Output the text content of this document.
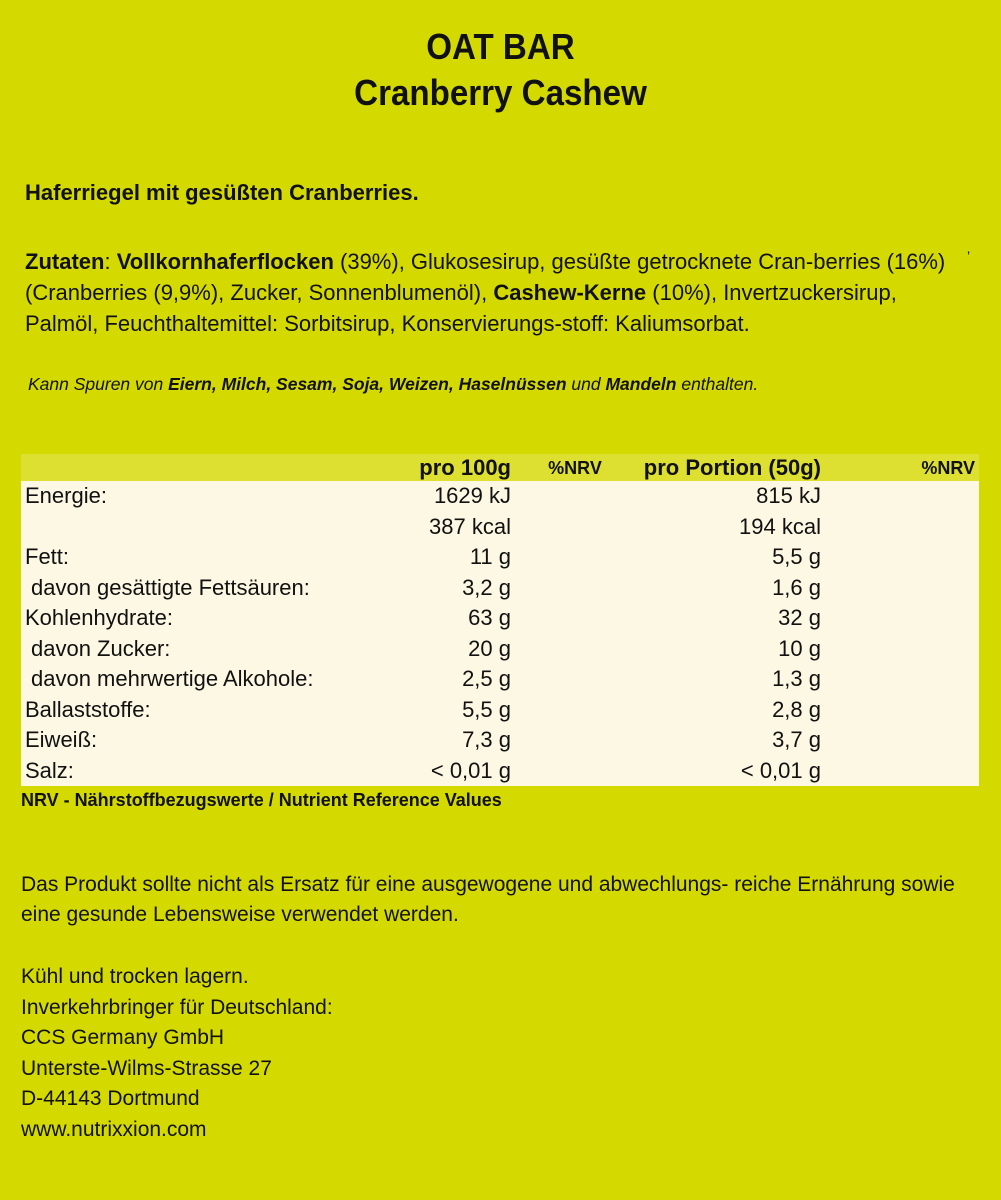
OAT BAR
Cranberry Cashew
Haferriegel mit gesüßten Cranberries.
Zutaten: Vollkornhaferflocken (39%), Glukosesirup, gesüßte getrocknete Cran-berries (16%) (Cranberries (9,9%), Zucker, Sonnenblumenöl), Cashew-Kerne (10%), Invertzuckersirup, Palmöl, Feuchthaltemittel: Sorbitsirup, Konservierungs-stoff: Kaliumsorbat.
’
Kann Spuren von Eiern, Milch, Sesam, Soja, Weizen, Haselnüssen und Mandeln enthalten.
	pro 100g	%NRV	pro Portion (50g)	%NRV
Energie:	1629 kJ		815 kJ	
	387 kcal		194 kcal	
Fett:	11 g		5,5 g	
davon gesättigte Fettsäuren:	3,2 g		1,6 g	
Kohlenhydrate:	63 g		32 g	
davon Zucker:	20 g		10 g	
davon mehrwertige Alkohole:	2,5 g		1,3 g	
Ballaststoffe:	5,5 g		2,8 g	
Eiweiß:	7,3 g		3,7 g	
Salz:	< 0,01 g		< 0,01 g	
NRV - Nährstoffbezugswerte / Nutrient Reference Values
Das Produkt sollte nicht als Ersatz für eine ausgewogene und abwechlungs- reiche Ernährung sowie eine gesunde Lebensweise verwendet werden.
Kühl und trocken lagern.
Inverkehrbringer für Deutschland:
CCS Germany GmbH
Unterste-Wilms-Strasse 27
D-44143 Dortmund
www.nutrixxion.com
